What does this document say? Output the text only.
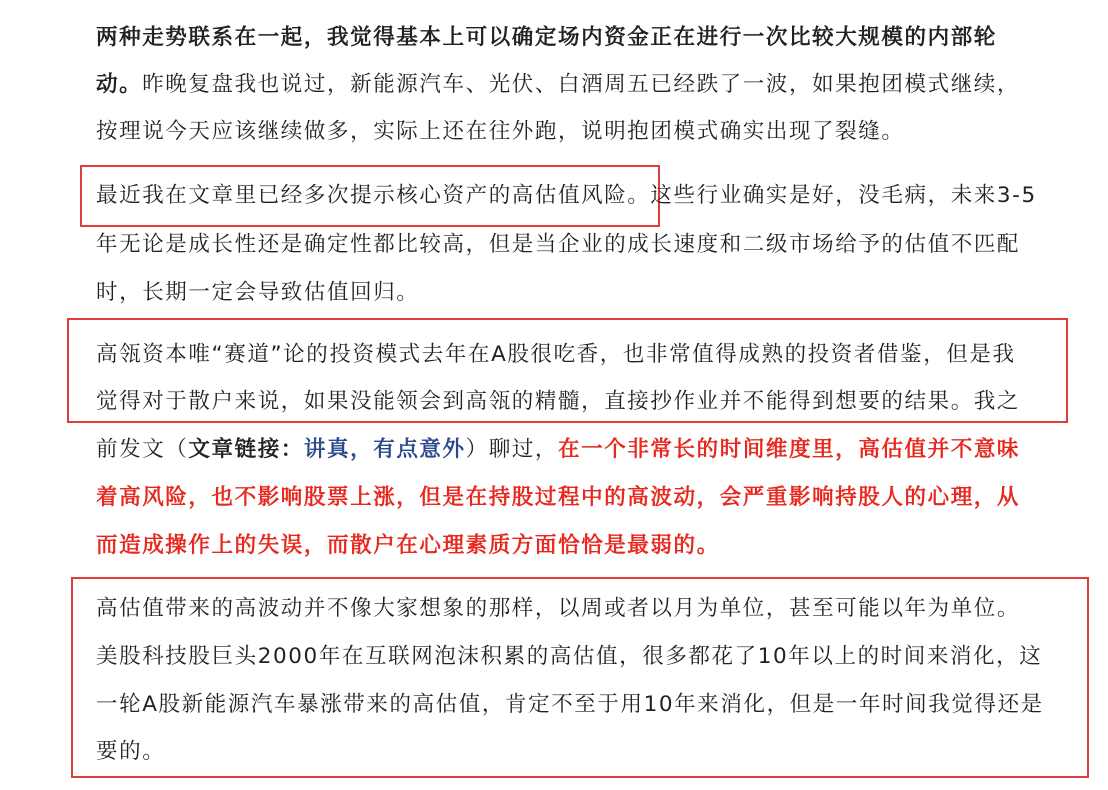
两种走势联系在一起，我觉得基本上可以确定场内资金正在进行一次比较大规模的内部轮
动。昨晚复盘我也说过，新能源汽车、光伏、白酒周五已经跌了一波，如果抱团模式继续，
按理说今天应该继续做多，实际上还在往外跑，说明抱团模式确实出现了裂缝。
最近我在文章里已经多次提示核心资产的高估值风险。这些行业确实是好，没毛病，未来3-5
年无论是成长性还是确定性都比较高，但是当企业的成长速度和二级市场给予的估值不匹配
时，长期一定会导致估值回归。
高瓴资本唯“赛道”论的投资模式去年在A股很吃香，也非常值得成熟的投资者借鉴，但是我
觉得对于散户来说，如果没能领会到高瓴的精髓，直接抄作业并不能得到想要的结果。我之
前发文（文章链接：讲真，有点意外）聊过，在一个非常长的时间维度里，高估值并不意味
着高风险，也不影响股票上涨，但是在持股过程中的高波动，会严重影响持股人的心理，从
而造成操作上的失误，而散户在心理素质方面恰恰是最弱的。
高估值带来的高波动并不像大家想象的那样，以周或者以月为单位，甚至可能以年为单位。
美股科技股巨头2000年在互联网泡沫积累的高估值，很多都花了10年以上的时间来消化，这
一轮A股新能源汽车暴涨带来的高估值，肯定不至于用10年来消化，但是一年时间我觉得还是
要的。
